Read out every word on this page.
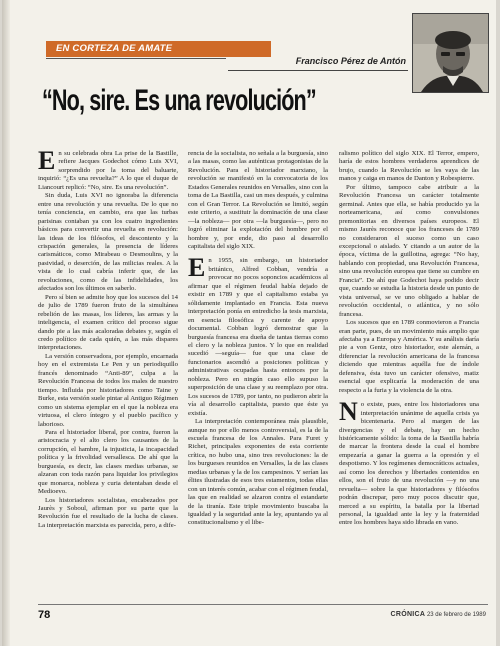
EN CORTEZA DE AMATE
Francisco Pérez de Antón
“No, sire. Es una revolución”

En su celebrada obra La prise de la Bastille, refiere Jacques Godechot cómo Luis XVI, sorprendido por la toma del baluarte, inquirió: “¿Es una revuelta?” A lo que el duque de Liancourt replicó: “No, sire. Es una revolución”.

Sin duda, Luis XVI no ignoraba la diferencia entre una revolución y una revuelta. De lo que no tenía conciencia, en cambio, era que las turbas parisinas contaban ya con los cuatro ingredientes básicos para convertir una revuelta en revolución: las ideas de los filósofos, el descontento y la crispación generales, la presencia de líderes carismáticos, como Mirabeau o Desmoulins, y la pasividad, o deserción, de las milicias reales. A la vista de lo cual cabría inferir que, de las revoluciones, como de las infidelidades, los afectados son los últimos en saberlo.

Pero sí bien se admite hoy que los sucesos del 14 de julio de 1789 fueron fruto de la simultánea rebelión de las masas, los líderes, las armas y la inteligencia, el examen crítico del proceso sigue dando pie a las más acaloradas debates y, según el credo político de cada quién, a las más dispares interpretaciones.

La versión conservadora, por ejemplo, encarnada hoy en el extremista Le Pen y un periodiquillo francés denominado “Anti-89”, culpa a la Revolución Francesa de todos los males de nuestro tiempo. Influida por historiadores como Taine y Burke, esta versión suele pintar al Antiguo Régimen como un sistema ejemplar en el que la nobleza era virtuosa, el clero íntegro y el pueblo pacífico y laborioso.

Para el historiador liberal, por contra, fueron la aristocracia y el alto clero los causantes de la corrupción, el hambre, la injusticia, la incapacidad política y la frivolidad versallesca. De ahí que la burguesía, es decir, las clases medias urbanas, se alzaran con toda razón para liquidar los privilegios que monarca, nobleza y curia detentaban desde el Medioevo.

Los historiadores socialistas, encabezados por Jaurès y Soboul, afirman por su parte que la Revolución fue el resultado de la lucha de clases. La interpretación marxista es parecida, pero, a dife-

rencia de la socialista, no señala a la burguesía, sino a las masas, como las auténticas protagonistas de la Revolución. Para el historiador marxiano, la revolución se manifestó en la convocatoria de los Estados Generales reunidos en Versalles, sino con la toma de La Bastilla, casi un mes después, y culmina con el Gran Terror. La Revolución se limitó, según este criterio, a sustituir la dominación de una clase —la nobleza— por otra —la burguesía—, pero no logró eliminar la explotación del hombre por el hombre y, por ende, dio paso al desarrollo capitalista del siglo XIX.

En 1955, sin embargo, un historiador británico, Alfred Cobban, vendría a provocar no pocos soponcios académicos al afirmar que el régimen feudal había dejado de existir en 1789 y que el capitalismo estaba ya sólidamente implantado en Francia. Esta nueva interpretación ponía en entredicho la tesis marxista, en esencia filosófica y carente de apoyo documental. Cobban logró demostrar que la burguesía francesa era dueña de tantas tierras como el clero y la nobleza juntos. Y lo que en realidad sucedió —seguía— fue que una clase de funcionarios ascendió a posiciones políticas y administrativas ocupadas hasta entonces por la nobleza. Pero en ningún caso ello supuso la superposición de una clase y su reemplazo por otra. Los sucesos de 1789, por tanto, no pudieron abrir la vía al desarrollo capitalista, puesto que éste ya existía.

La interpretación contemporánea más plausible, aunque no por ello menos controversial, es la de la escuela francesa de los Annales. Para Furet y Richet, principales exponentes de esta corriente crítica, no hubo una, sino tres revoluciones: la de los burgueses reunidos en Versalles, la de las clases medias urbanas y la de los campesinos. Y serían las élites ilustradas de esos tres estamentos, todas ellas con un interés común, acabar con el régimen feudal, las que en realidad se alzaron contra el estandarte de la tiranía. Este triple movimiento buscaba la igualdad y la seguridad ante la ley, apuntando ya al constitucionalismo y el libe-

ralismo político del siglo XIX. El Terror, empero, haría de estos hombres verdaderos aprendices de brujo, cuando la Revolución se les vaya de las manos y caiga en manos de Danton y Robespierre.

Por último, tampoco cabe atribuir a la Revolución Francesa un carácter totalmente germinal. Antes que ella, se había producido ya la norteamericana, así como convulsiones premonitorias en diversos países europeos. El mismo Jaurès reconoce que los franceses de 1789 no consideraron el suceso como un caso excepcional o aislado. Y citando a un autor de la época, víctima de la guillotina, agrega: “No hay, hablando con propiedad, una Revolución Francesa, sino una revolución europea que tiene su cumbre en Francia”. De ahí que Godechot haya podido decir que, cuando se estudia la historia desde un punto de vista universal, se ve uno obligado a hablar de revolución occidental, o atlántica, y no sólo francesa.

Los sucesos que en 1789 conmovieron a Francia eran parte, pues, de un movimiento más amplio que afectaba ya a Europa y América. Y su análisis daría pie a von Gentz, otro historiador, este alemán, a diferenciar la revolución americana de la francesa diciendo que mientras aquélla fue de índole defensiva, ésta tuvo un carácter ofensivo, matiz esencial que explicaría la moderación de una respecto a la furia y la violencia de la otra.

No existe, pues, entre los historiadores una interpretación unánime de aquella crisis ya bicentenaria. Pero al margen de las divergencias y el debate, hay un hecho históricamente sólido: la toma de la Bastilla habría de marcar la frontera desde la cual el hombre empezaría a ganar la guerra a la opresión y el despotismo. Y los regímenes democráticos actuales, así como los derechos y libertades contenidos en ellos, son el fruto de una revolución —y no una revuelta— sobre la que historiadores y filósofos podrán discrepar, pero muy pocos discutir que, merced a su espíritu, la batalla por la libertad personal, la igualdad ante la ley y la fraternidad entre los hombres haya sido librada en vano.

78	CRÓNICA 23 de febrero de 1989
